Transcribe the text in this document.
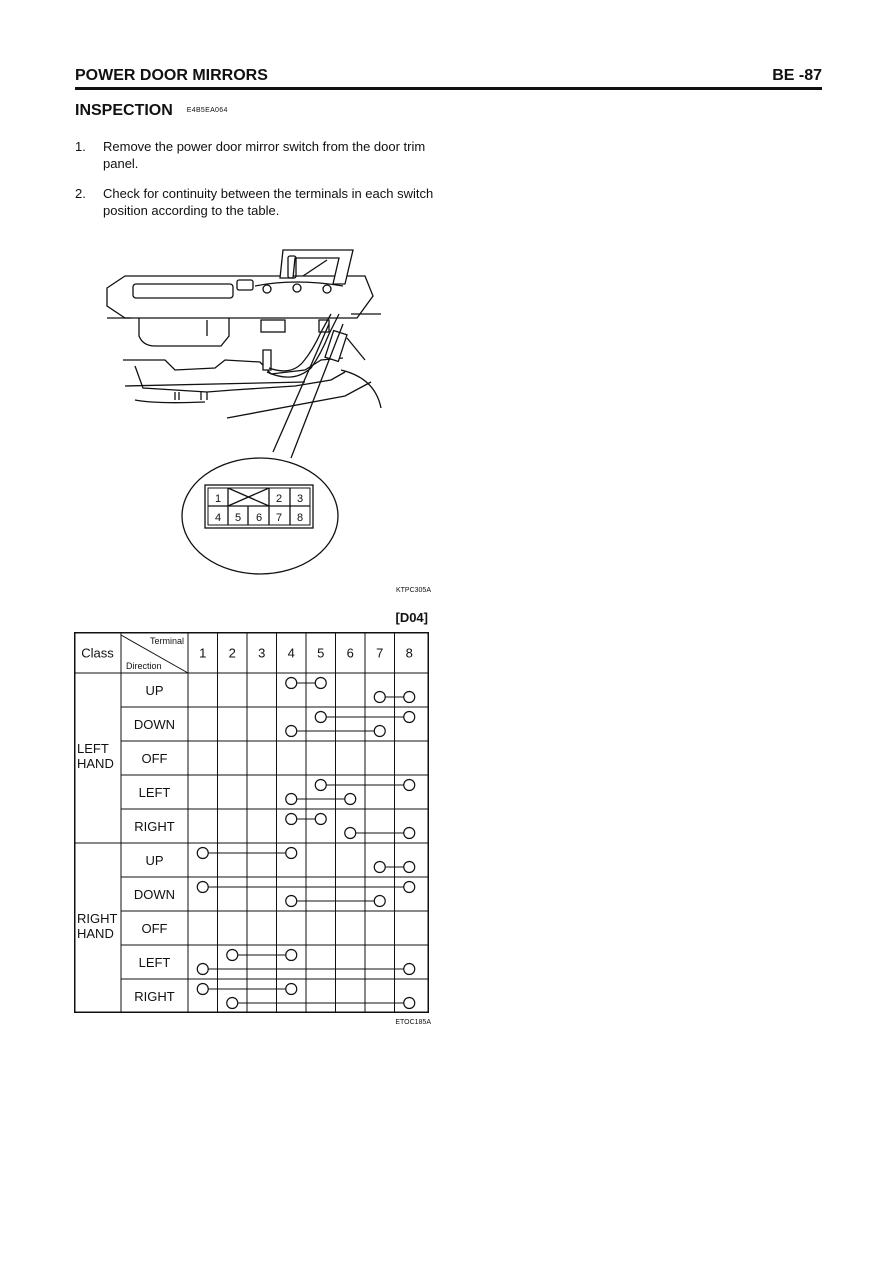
POWER DOOR MIRRORS	BE -87
INSPECTION E4B5EA064
1. Remove the power door mirror switch from the door trim panel.
2. Check for continuity between the terminals in each switch position according to the table.
1	2 3
4 5 6 7 8
KTPC305A
[D04]
Class
Terminal
Direction
1 2 3 4 5 6 7 8
LEFT
HAND
RIGHT
HAND
UP
DOWN
OFF
LEFT
RIGHT
UP
DOWN
OFF
LEFT
RIGHT
ETOC185A
